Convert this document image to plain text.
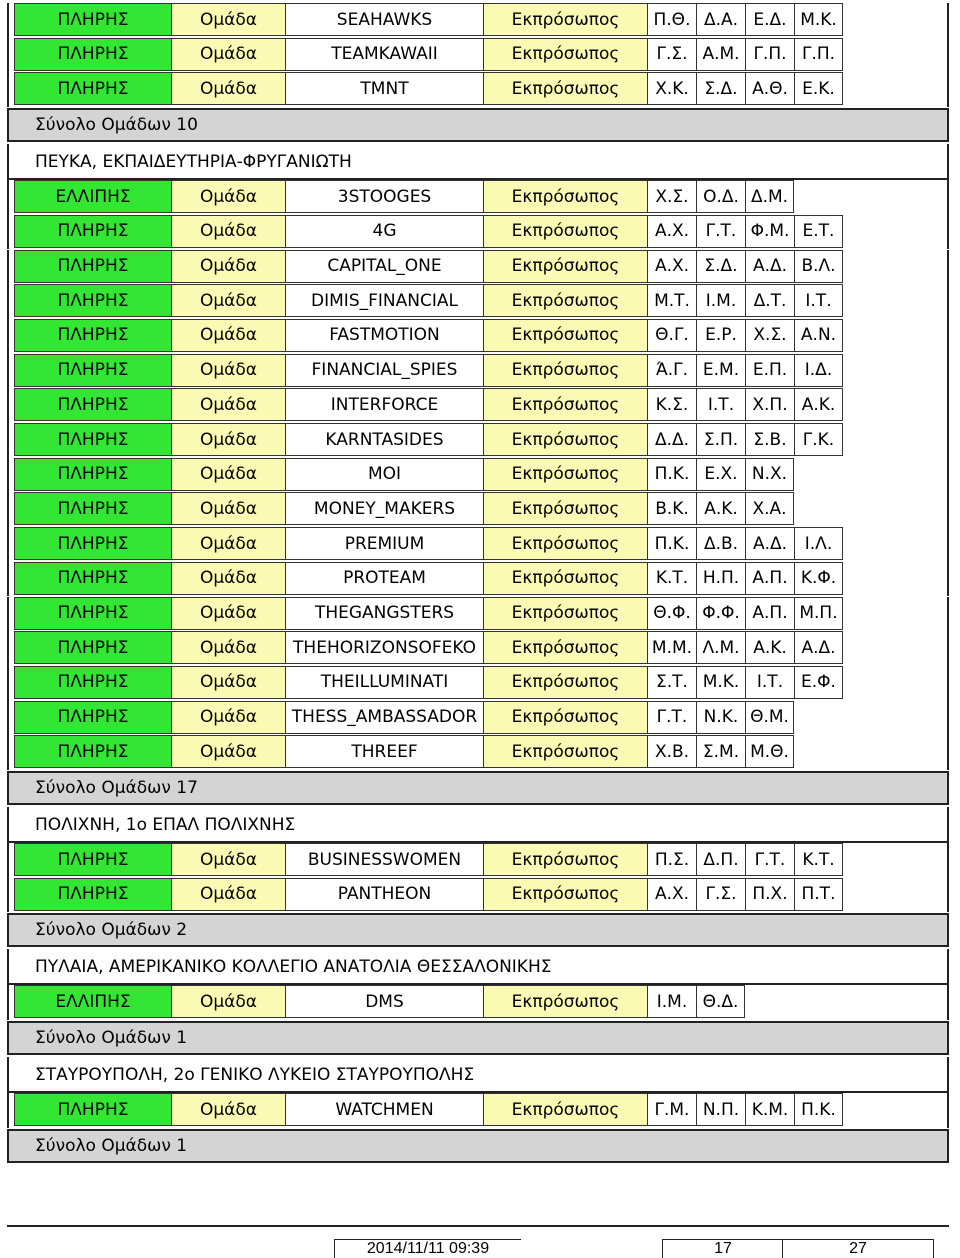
ΠΛΗΡΗΣ	Ομάδα	SEAHAWKS	Εκπρόσωπος	Π.Θ. Δ.Α. Ε.Δ. Μ.Κ.
ΠΛΗΡΗΣ	Ομάδα	TEAMKAWAII	Εκπρόσωπος	Γ.Σ. Α.Μ. Γ.Π. Γ.Π.
ΠΛΗΡΗΣ	Ομάδα	TMNT	Εκπρόσωπος	Χ.Κ. Σ.Δ. Α.Θ. Ε.Κ.
Σύνολο Ομάδων 10
ΠΕΥΚΑ, ΕΚΠΑΙΔΕΥΤΗΡΙΑ-ΦΡΥΓΑΝΙΩΤΗ
ΕΛΛΙΠΗΣ	Ομάδα	3STOOGES	Εκπρόσωπος	Χ.Σ. Ο.Δ. Δ.Μ.
ΠΛΗΡΗΣ	Ομάδα	4G	Εκπρόσωπος	Α.Χ. Γ.Τ. Φ.Μ. Ε.Τ.
ΠΛΗΡΗΣ	Ομάδα	CAPITAL_ONE	Εκπρόσωπος	Α.Χ. Σ.Δ. Α.Δ. Β.Λ.
ΠΛΗΡΗΣ	Ομάδα	DIMIS_FINANCIAL	Εκπρόσωπος	Μ.Τ. Ι.Μ.	Δ.Τ.	Ι.Τ.
ΠΛΗΡΗΣ	Ομάδα	FASTMOTION	Εκπρόσωπος	Θ.Γ. Ε.Ρ. Χ.Σ. Α.Ν.
ΠΛΗΡΗΣ	Ομάδα	FINANCIAL_SPIES	Εκπρόσωπος	Ά.Γ. Ε.Μ. Ε.Π.	Ι.Δ.
ΠΛΗΡΗΣ	Ομάδα	INTERFORCE	Εκπρόσωπος	Κ.Σ.	Ι.Τ.	Χ.Π. Α.Κ.
ΠΛΗΡΗΣ	Ομάδα	KARNTASIDES	Εκπρόσωπος	Δ.Δ. Σ.Π. Σ.Β. Γ.Κ.
ΠΛΗΡΗΣ	Ομάδα	MOI	Εκπρόσωπος	Π.Κ. Ε.Χ. Ν.Χ.
ΠΛΗΡΗΣ	Ομάδα	MONEY_MAKERS	Εκπρόσωπος	Β.Κ. Α.Κ. Χ.Α.
ΠΛΗΡΗΣ	Ομάδα	PREMIUM	Εκπρόσωπος	Π.Κ. Δ.Β. Α.Δ.	Ι.Λ.
ΠΛΗΡΗΣ	Ομάδα	PROTEAM	Εκπρόσωπος	Κ.Τ. Η.Π. Α.Π. Κ.Φ.
ΠΛΗΡΗΣ	Ομάδα	THEGANGSTERS	Εκπρόσωπος	Θ.Φ. Φ.Φ. Α.Π. Μ.Π.
ΠΛΗΡΗΣ	Ομάδα	THEHORIZONSOFEKO	Εκπρόσωπος	Μ.Μ. Λ.Μ. Α.Κ. Α.Δ.
ΠΛΗΡΗΣ	Ομάδα	THEILLUMINATI	Εκπρόσωπος	Σ.Τ. Μ.Κ.	Ι.Τ.	Ε.Φ.
ΠΛΗΡΗΣ	Ομάδα	THESS_AMBASSADOR	Εκπρόσωπος	Γ.Τ. Ν.Κ. Θ.Μ.
ΠΛΗΡΗΣ	Ομάδα	THREEF	Εκπρόσωπος	Χ.Β. Σ.Μ. Μ.Θ.
Σύνολο Ομάδων 17
ΠΟΛΙΧΝΗ, 1ο ΕΠΑΛ ΠΟΛΙΧΝΗΣ
ΠΛΗΡΗΣ	Ομάδα	BUSINESSWOMEN	Εκπρόσωπος	Π.Σ. Δ.Π. Γ.Τ.	Κ.Τ.
ΠΛΗΡΗΣ	Ομάδα	PANTHEON	Εκπρόσωπος	Α.Χ. Γ.Σ. Π.Χ. Π.Τ.
Σύνολο Ομάδων 2
ΠΥΛΑΙΑ, ΑΜΕΡΙΚΑΝΙΚΟ ΚΟΛΛΕΓΙΟ ΑΝΑΤΟΛΙΑ ΘΕΣΣΑΛΟΝΙΚΗΣ
ΕΛΛΙΠΗΣ	Ομάδα	DMS	Εκπρόσωπος	Ι.Μ. Θ.Δ.
Σύνολο Ομάδων 1
ΣΤΑΥΡΟΥΠΟΛΗ, 2ο ΓΕΝΙΚΟ ΛΥΚΕΙΟ ΣΤΑΥΡΟΥΠΟΛΗΣ
ΠΛΗΡΗΣ	Ομάδα	WATCHMEN	Εκπρόσωπος	Γ.Μ. Ν.Π. Κ.Μ. Π.Κ.
Σύνολο Ομάδων 1
2014/11/11 09:39	17	27
